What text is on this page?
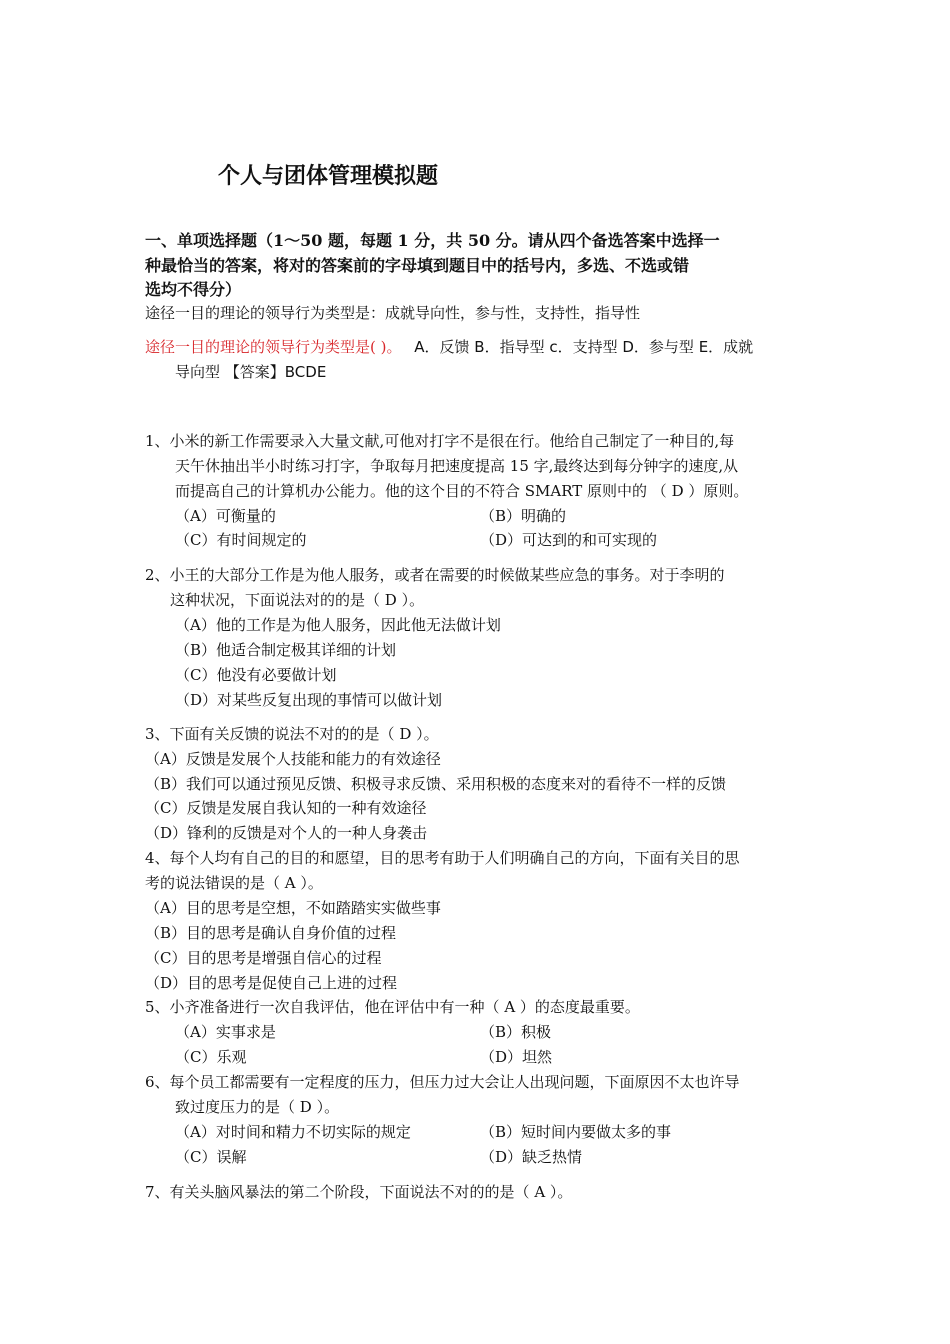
个人与团体管理模拟题
一、单项选择题（1～50 题，每题 1 分，共 50 分。请从四个备选答案中选择一
种最恰当的答案，将对的答案前的字母填到题目中的括号内，多选、不选或错
选均不得分）
途径一目的理论的领导行为类型是：成就导向性，参与性，支持性，指导性
途径一目的理论的领导行为类型是( )。 A．反馈 B．指导型 c．支持型 D．参与型 E．成就
导向型 【答案】BCDE
1、小米的新工作需要录入大量文献,可他对打字不是很在行。他给自己制定了一种目的,每
天午休抽出半小时练习打字，争取每月把速度提高 15 字,最终达到每分钟字的速度,从
而提高自己的计算机办公能力。他的这个目的不符合 SMART 原则中的 （ D ）原则。
（A）可衡量的	（B）明确的
（C）有时间规定的	（D）可达到的和可实现的
2、小王的大部分工作是为他人服务，或者在需要的时候做某些应急的事务。对于李明的
这种状况，下面说法对的的是（ D ）。
（A）他的工作是为他人服务，因此他无法做计划
（B）他适合制定极其详细的计划
（C）他没有必要做计划
（D）对某些反复出现的事情可以做计划
3、下面有关反馈的说法不对的的是（ D ）。
（A）反馈是发展个人技能和能力的有效途径
（B）我们可以通过预见反馈、积极寻求反馈、采用积极的态度来对的看待不一样的反馈
（C）反馈是发展自我认知的一种有效途径
（D）锋利的反馈是对个人的一种人身袭击
4、每个人均有自己的目的和愿望，目的思考有助于人们明确自己的方向，下面有关目的思
考的说法错误的是（ A ）。
（A）目的思考是空想，不如踏踏实实做些事
（B）目的思考是确认自身价值的过程
（C）目的思考是增强自信心的过程
（D）目的思考是促使自己上进的过程
5、小齐准备进行一次自我评估，他在评估中有一种（ A ）的态度最重要。
（A）实事求是	（B）积极
（C）乐观	（D）坦然
6、每个员工都需要有一定程度的压力，但压力过大会让人出现问题，下面原因不太也许导
致过度压力的是（ D ）。
（A）对时间和精力不切实际的规定	（B）短时间内要做太多的事
（C）误解	（D）缺乏热情
7、有关头脑风暴法的第二个阶段，下面说法不对的的是（ A ）。
